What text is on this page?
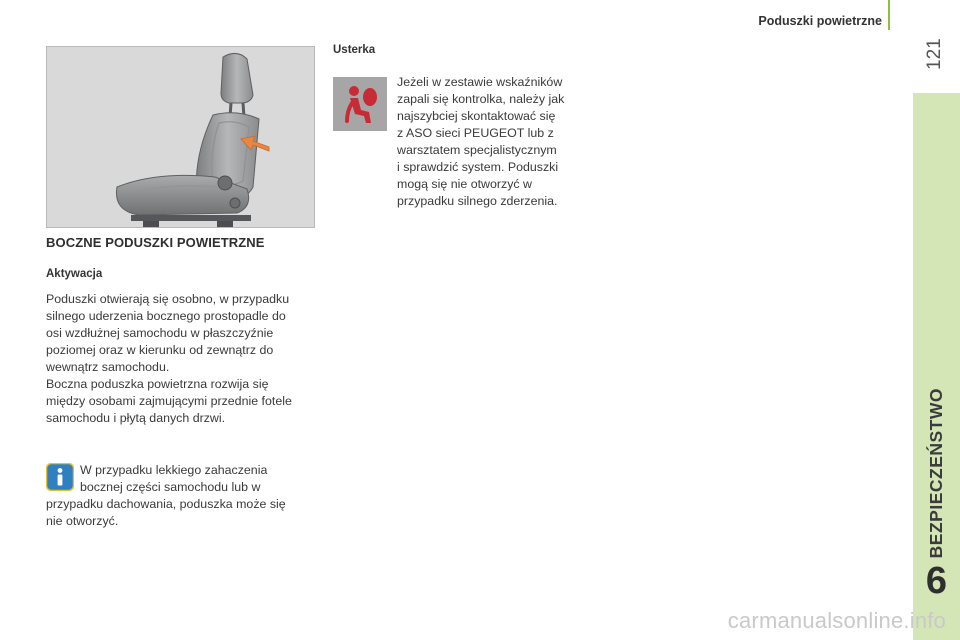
Poduszki powietrzne
121
BEZPIECZEŃSTWO
6
BOCZNE PODUSZKI POWIETRZNE
Aktywacja

Poduszki otwierają się osobno, w przypadku

silnego uderzenia bocznego prostopadle do

osi wzdłużnej samochodu w płaszczyźnie

poziomej oraz w kierunku od zewnątrz do

wewnątrz samochodu.

Boczna poduszka powietrzna rozwija się

między osobami zajmującymi przednie fotele

samochodu i płytą danych drzwi.

W przypadku lekkiego zahaczenia
bocznej części samochodu lub w
przypadku dachowania, poduszka może się
nie otworzyć.
Usterka
Jeżeli w zestawie wskaźników
zapali się kontrolka, należy jak
najszybciej skontaktować się
z ASO sieci PEUGEOT lub z
warsztatem specjalistycznym
i sprawdzić system. Poduszki
mogą się nie otworzyć w
przypadku silnego zderzenia.
carmanualsonline.info
